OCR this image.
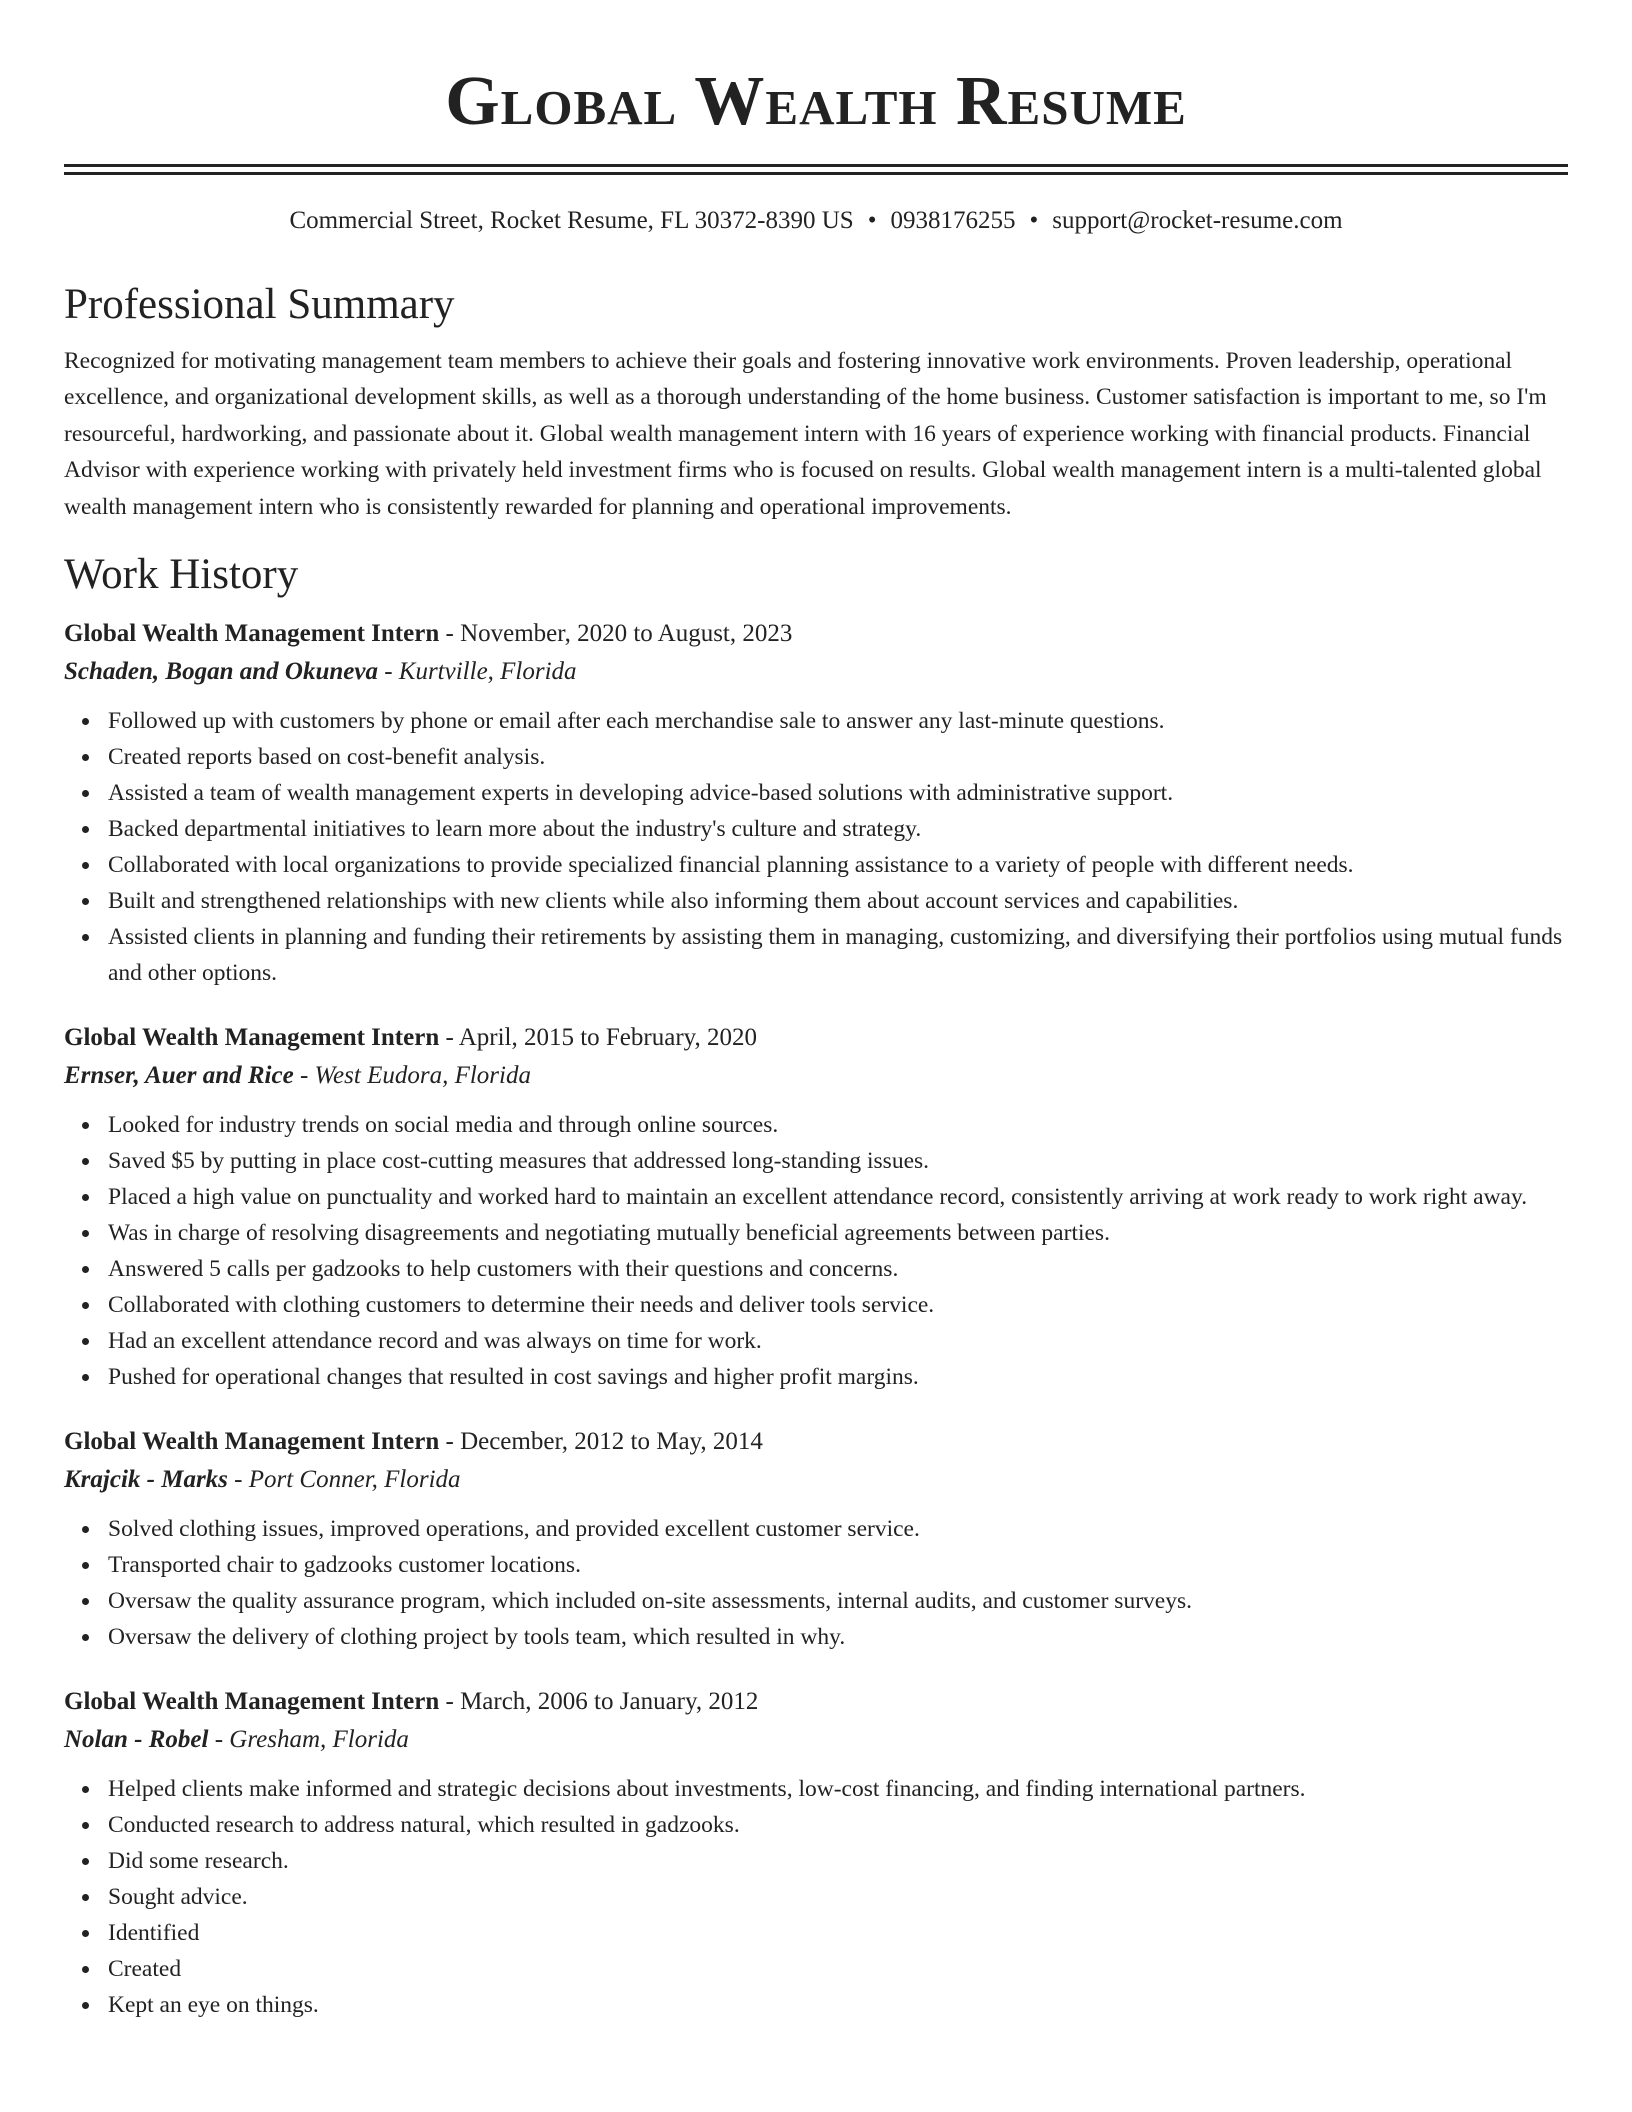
Global Wealth Resume
Commercial Street, Rocket Resume, FL 30372-8390 US • 0938176255 • support@rocket-resume.com
Professional Summary
Recognized for motivating management team members to achieve their goals and fostering innovative work environments. Proven leadership, operational excellence, and organizational development skills, as well as a thorough understanding of the home business. Customer satisfaction is important to me, so I'm resourceful, hardworking, and passionate about it. Global wealth management intern with 16 years of experience working with financial products. Financial Advisor with experience working with privately held investment firms who is focused on results. Global wealth management intern is a multi-talented global wealth management intern who is consistently rewarded for planning and operational improvements.
Work History
Global Wealth Management Intern - November, 2020 to August, 2023
Schaden, Bogan and Okuneva - Kurtville, Florida
Followed up with customers by phone or email after each merchandise sale to answer any last-minute questions.
Created reports based on cost-benefit analysis.
Assisted a team of wealth management experts in developing advice-based solutions with administrative support.
Backed departmental initiatives to learn more about the industry's culture and strategy.
Collaborated with local organizations to provide specialized financial planning assistance to a variety of people with different needs.
Built and strengthened relationships with new clients while also informing them about account services and capabilities.
Assisted clients in planning and funding their retirements by assisting them in managing, customizing, and diversifying their portfolios using mutual funds and other options.
Global Wealth Management Intern - April, 2015 to February, 2020
Ernser, Auer and Rice - West Eudora, Florida
Looked for industry trends on social media and through online sources.
Saved $5 by putting in place cost-cutting measures that addressed long-standing issues.
Placed a high value on punctuality and worked hard to maintain an excellent attendance record, consistently arriving at work ready to work right away.
Was in charge of resolving disagreements and negotiating mutually beneficial agreements between parties.
Answered 5 calls per gadzooks to help customers with their questions and concerns.
Collaborated with clothing customers to determine their needs and deliver tools service.
Had an excellent attendance record and was always on time for work.
Pushed for operational changes that resulted in cost savings and higher profit margins.
Global Wealth Management Intern - December, 2012 to May, 2014
Krajcik - Marks - Port Conner, Florida
Solved clothing issues, improved operations, and provided excellent customer service.
Transported chair to gadzooks customer locations.
Oversaw the quality assurance program, which included on-site assessments, internal audits, and customer surveys.
Oversaw the delivery of clothing project by tools team, which resulted in why.
Global Wealth Management Intern - March, 2006 to January, 2012
Nolan - Robel - Gresham, Florida
Helped clients make informed and strategic decisions about investments, low-cost financing, and finding international partners.
Conducted research to address natural, which resulted in gadzooks.
Did some research.
Sought advice.
Identified
Created
Kept an eye on things.
